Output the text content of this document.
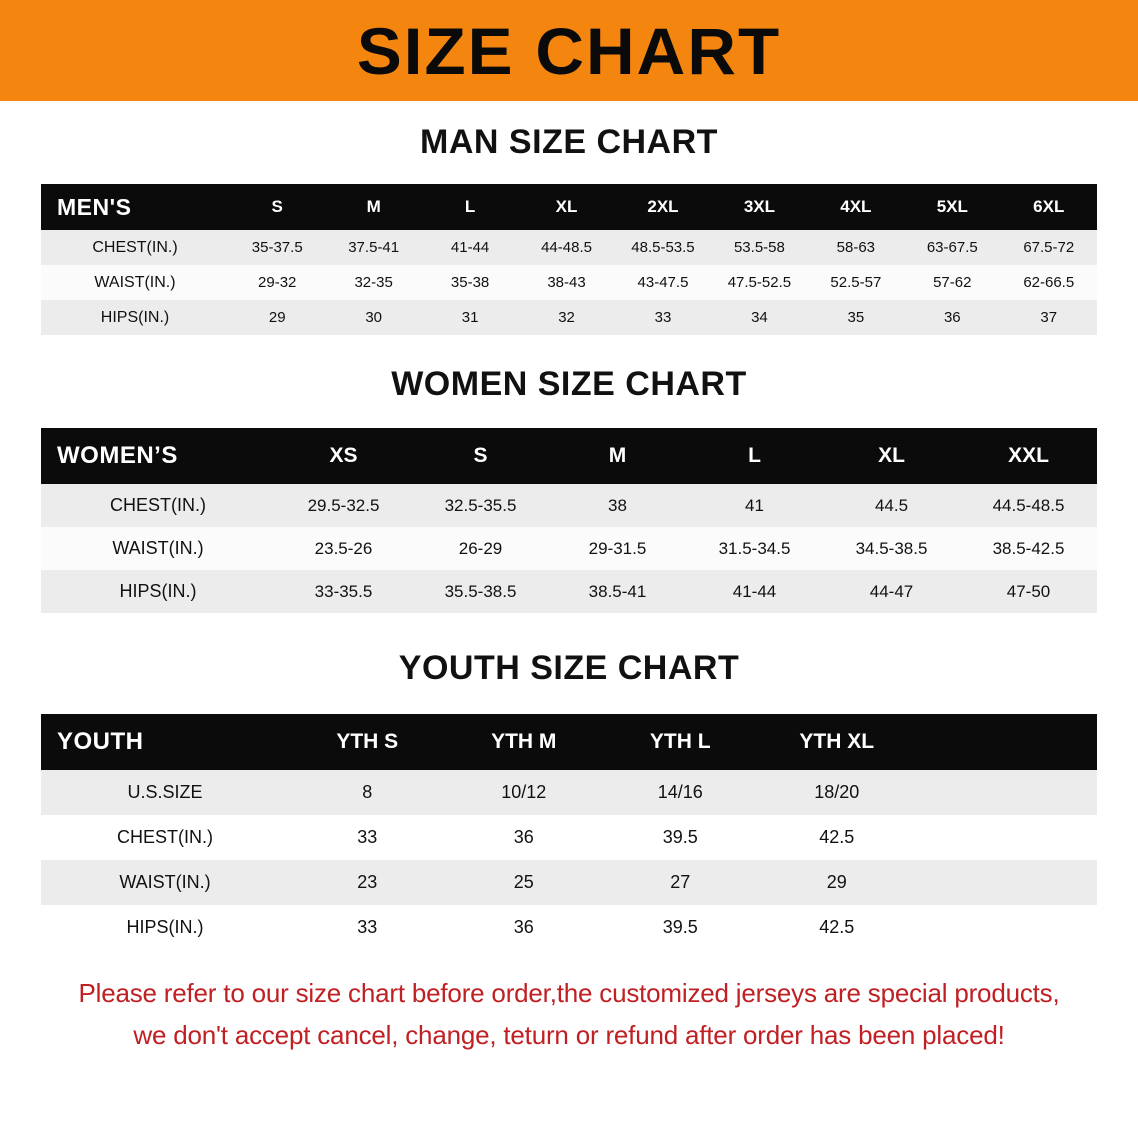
SIZE CHART
MAN SIZE CHART
MEN'S	S	M	L	XL	2XL	3XL	4XL	5XL	6XL
CHEST(IN.)	35-37.5	37.5-41	41-44	44-48.5	48.5-53.5	53.5-58	58-63	63-67.5	67.5-72
WAIST(IN.)	29-32	32-35	35-38	38-43	43-47.5	47.5-52.5	52.5-57	57-62	62-66.5
HIPS(IN.)	29	30	31	32	33	34	35	36	37
WOMEN SIZE CHART
WOMEN’S	XS	S	M	L	XL	XXL
CHEST(IN.)	29.5-32.5	32.5-35.5	38	41	44.5	44.5-48.5
WAIST(IN.)	23.5-26	26-29	29-31.5	31.5-34.5	34.5-38.5	38.5-42.5
HIPS(IN.)	33-35.5	35.5-38.5	38.5-41	41-44	44-47	47-50
YOUTH SIZE CHART
YOUTH	YTH S	YTH M	YTH L	YTH XL	
U.S.SIZE	8	10/12	14/16	18/20	
CHEST(IN.)	33	36	39.5	42.5	
WAIST(IN.)	23	25	27	29	
HIPS(IN.)	33	36	39.5	42.5	
Please refer to our size chart before order,the customized jerseys are special products,
we don't accept cancel, change, teturn or refund after order has been placed!
